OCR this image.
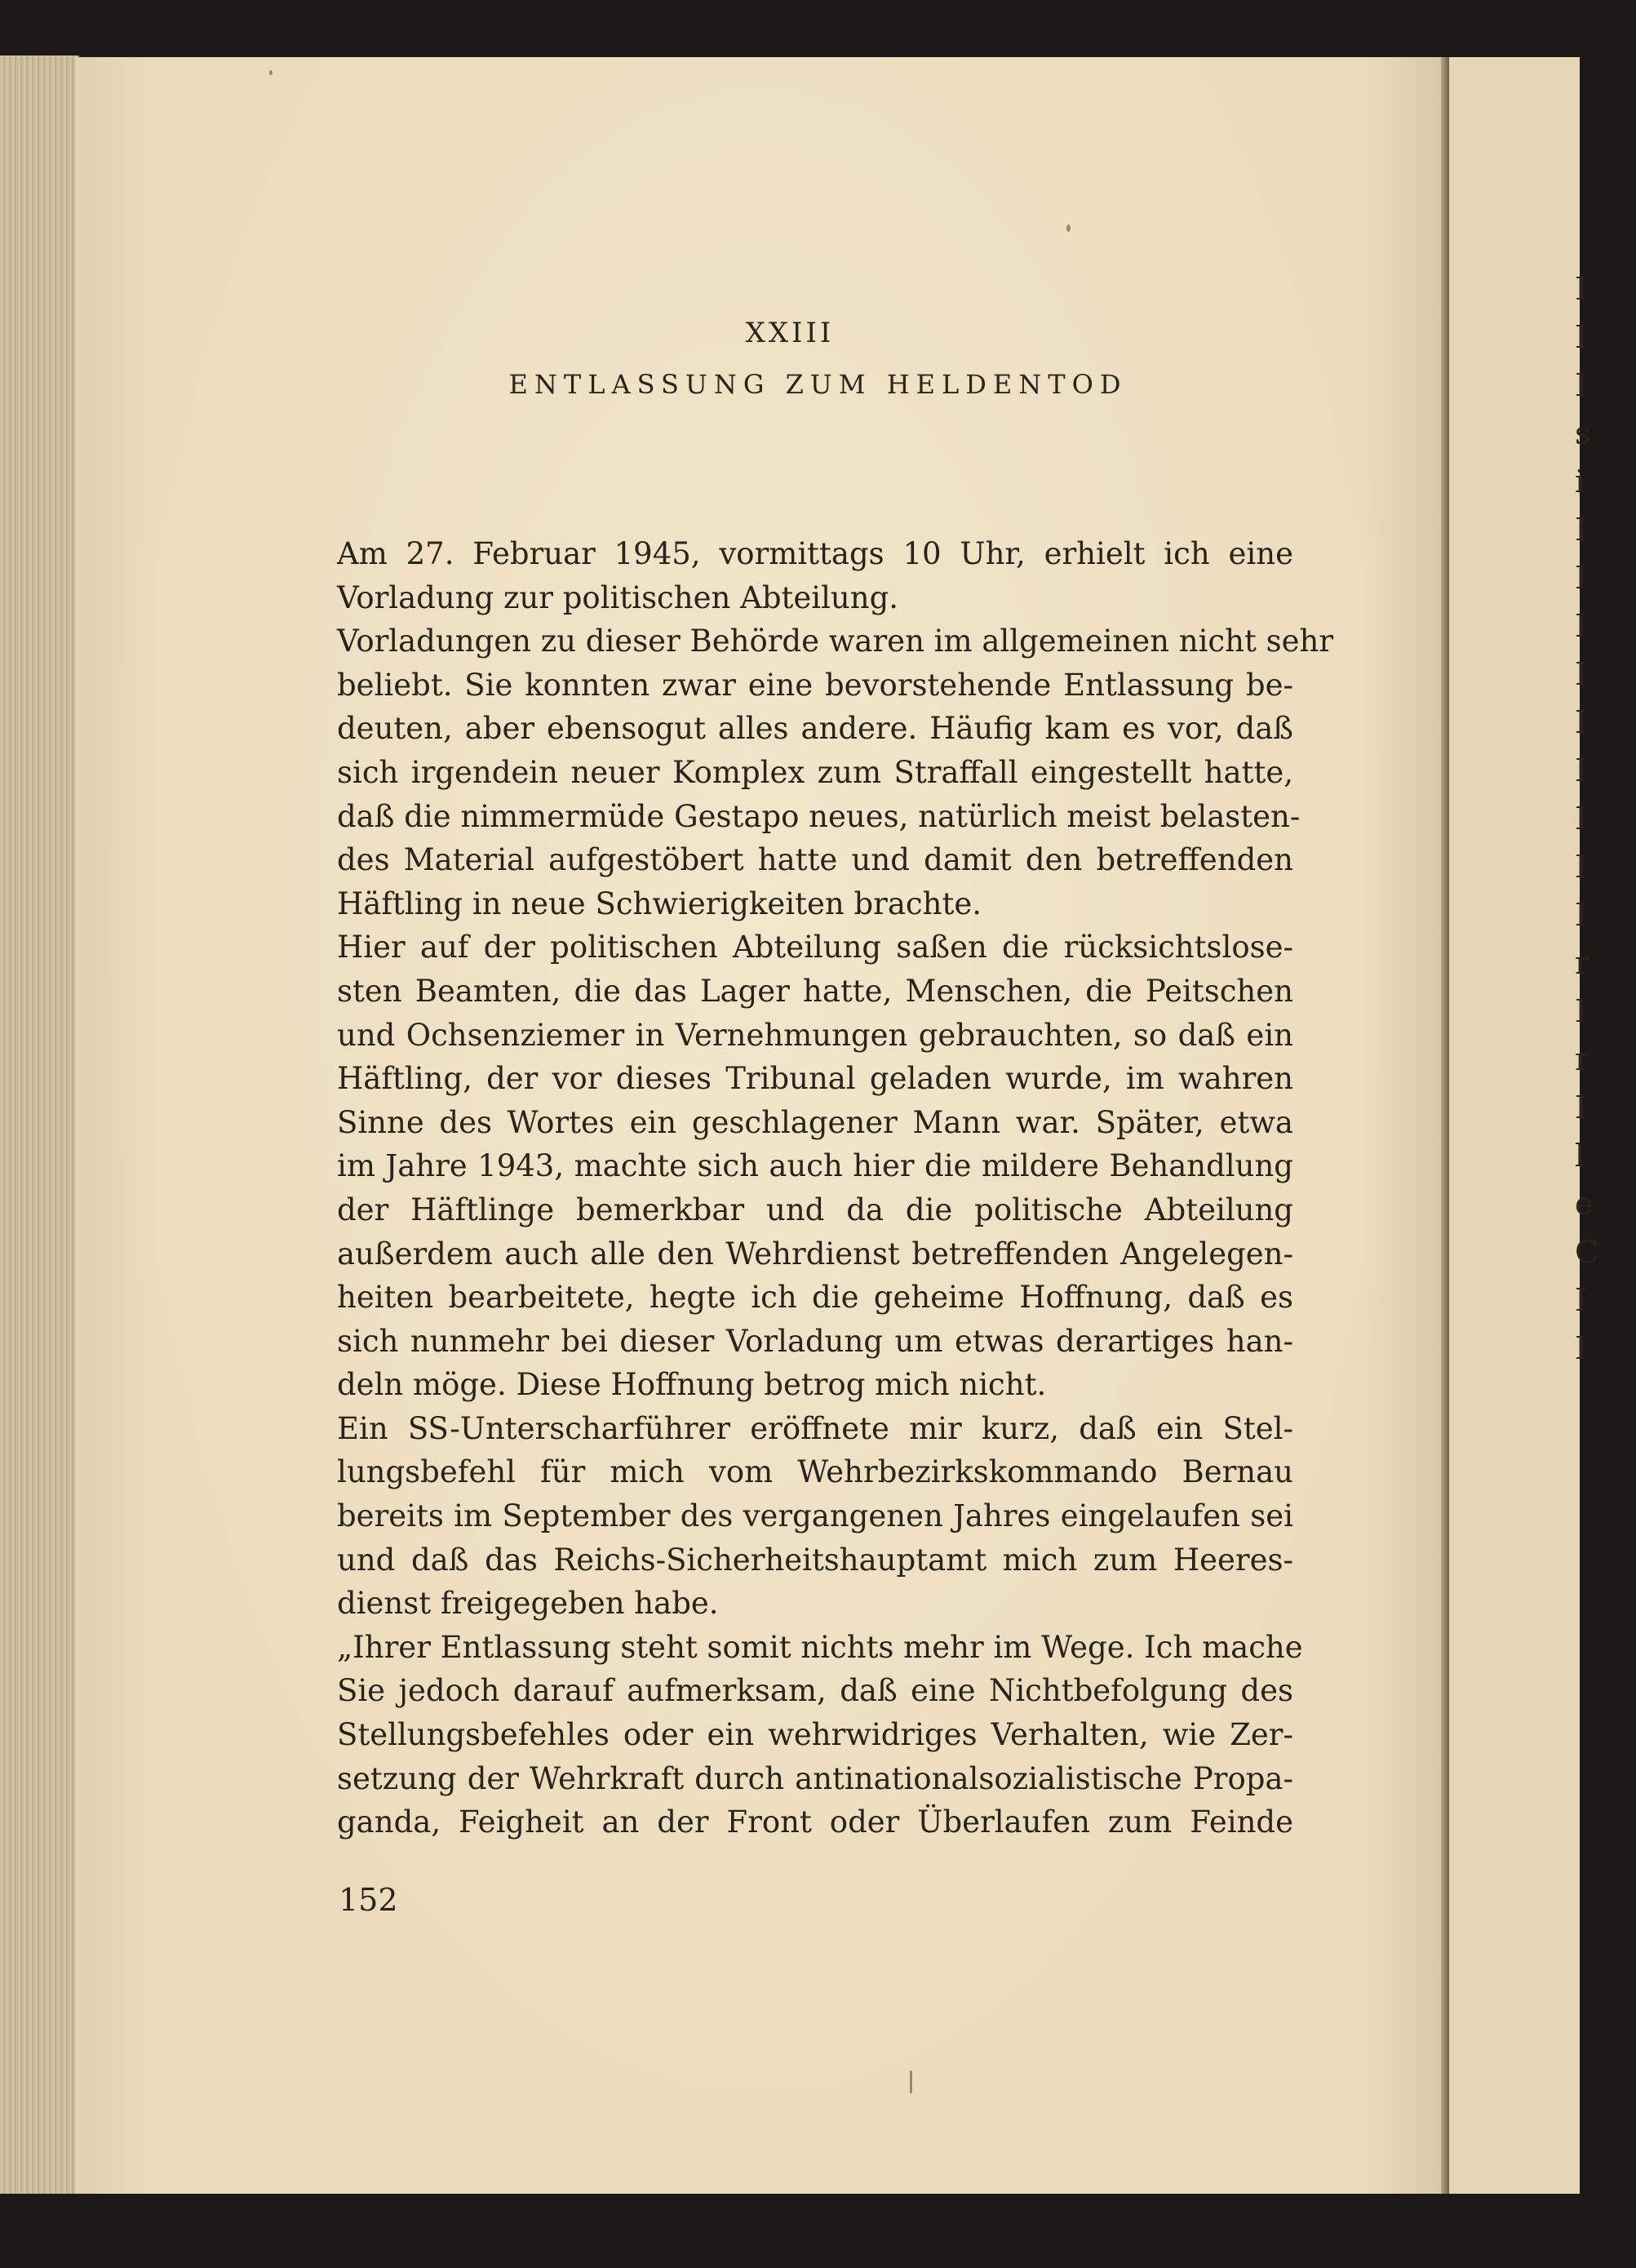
I
I
I
s
i
I
I
I
I
I
I
I
I
I
r
I
r
I
l
e
C
I
I
XXIII
ENTLASSUNG ZUM HELDENTOD
Am 27. Februar 1945, vormittags 10 Uhr, erhielt ich eine
Vorladung zur politischen Abteilung.
Vorladungen zu dieser Behörde waren im allgemeinen nicht sehr
beliebt. Sie konnten zwar eine bevorstehende Entlassung be-
deuten, aber ebensogut alles andere. Häufig kam es vor, daß
sich irgendein neuer Komplex zum Straffall eingestellt hatte,
daß die nimmermüde Gestapo neues, natürlich meist belasten-
des Material aufgestöbert hatte und damit den betreffenden
Häftling in neue Schwierigkeiten brachte.
Hier auf der politischen Abteilung saßen die rücksichtslose-
sten Beamten, die das Lager hatte, Menschen, die Peitschen
und Ochsenziemer in Vernehmungen gebrauchten, so daß ein
Häftling, der vor dieses Tribunal geladen wurde, im wahren
Sinne des Wortes ein geschlagener Mann war. Später, etwa
im Jahre 1943, machte sich auch hier die mildere Behandlung
der Häftlinge bemerkbar und da die politische Abteilung
außerdem auch alle den Wehrdienst betreffenden Angelegen-
heiten bearbeitete, hegte ich die geheime Hoffnung, daß es
sich nunmehr bei dieser Vorladung um etwas derartiges han-
deln möge. Diese Hoffnung betrog mich nicht.
Ein SS-Unterscharführer eröffnete mir kurz, daß ein Stel-
lungsbefehl für mich vom Wehrbezirkskommando Bernau
bereits im September des vergangenen Jahres eingelaufen sei
und daß das Reichs-Sicherheitshauptamt mich zum Heeres-
dienst freigegeben habe.
„Ihrer Entlassung steht somit nichts mehr im Wege. Ich mache
Sie jedoch darauf aufmerksam, daß eine Nichtbefolgung des
Stellungsbefehles oder ein wehrwidriges Verhalten, wie Zer-
setzung der Wehrkraft durch antinationalsozialistische Propa-
ganda, Feigheit an der Front oder Überlaufen zum Feinde
152
